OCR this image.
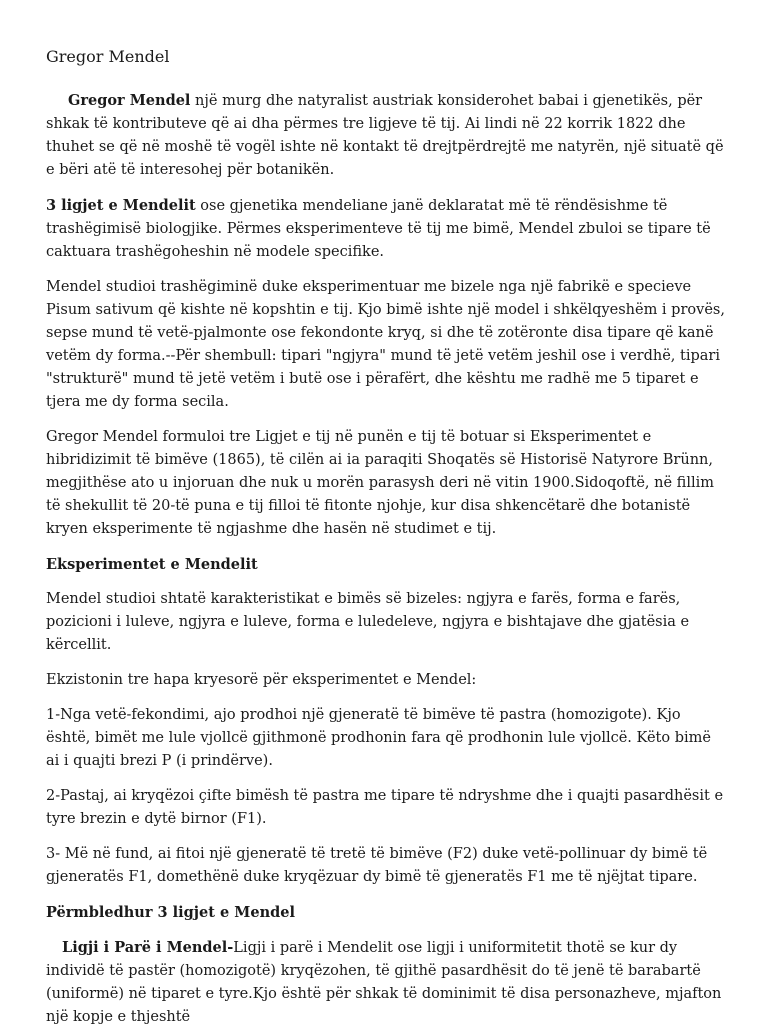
Gregor Mendel

Gregor Mendel një murg dhe natyralist austriak konsiderohet babai i gjenetikës, për shkak të kontributeve që ai dha përmes tre ligjeve të tij. Ai lindi në 22 korrik 1822 dhe thuhet se që në moshë të vogël ishte në kontakt të drejtpërdrejtë me natyrën, një situatë që e bëri atë të interesohej për botanikën.

3 ligjet e Mendelit ose gjenetika mendeliane janë deklaratat më të rëndësishme të trashëgimisë biologjike. Përmes eksperimenteve të tij me bimë, Mendel zbuloi se tipare të caktuara trashëgoheshin në modele specifike.

Mendel studioi trashëgiminë duke eksperimentuar me bizele nga një fabrikë e specieve Pisum sativum që kishte në kopshtin e tij. Kjo bimë ishte një model i shkëlqyeshëm i provës, sepse mund të vetë-pjalmonte ose fekondonte kryq, si dhe të zotëronte disa tipare që kanë vetëm dy forma.--Për shembull: tipari "ngjyra" mund të jetë vetëm jeshil ose i verdhë, tipari "strukturë" mund të jetë vetëm i butë ose i përafërt, dhe kështu me radhë me 5 tiparet e tjera me dy forma secila.

Gregor Mendel formuloi tre Ligjet e tij në punën e tij të botuar si Eksperimentet e hibridizimit të bimëve (1865), të cilën ai ia paraqiti Shoqatës së Historisë Natyrore Brünn, megjithëse ato u injoruan dhe nuk u morën parasysh deri në vitin 1900.Sidoqoftë, në fillim të shekullit të 20-të puna e tij filloi të fitonte njohje, kur disa shkencëtarë dhe botanistë kryen eksperimente të ngjashme dhe hasën në studimet e tij.

Eksperimentet e Mendelit

Mendel studioi shtatë karakteristikat e bimës së bizeles: ngjyra e farës, forma e farës, pozicioni i luleve, ngjyra e luleve, forma e luledeleve, ngjyra e bishtajave dhe gjatësia e kërcellit.

Ekzistonin tre hapa kryesorë për eksperimentet e Mendel:

1-Nga vetë-fekondimi, ajo prodhoi një gjeneratë të bimëve të pastra (homozigote). Kjo është, bimët me lule vjollcë gjithmonë prodhonin fara që prodhonin lule vjollcë. Këto bimë ai i quajti brezi P (i prindërve).

2-Pastaj, ai kryqëzoi çifte bimësh të pastra me tipare të ndryshme dhe i quajti pasardhësit e tyre brezin e dytë birnor (F1).

3- Më në fund, ai fitoi një gjeneratë të tretë të bimëve (F2) duke vetë-pollinuar dy bimë të gjeneratës F1, domethënë duke kryqëzuar dy bimë të gjeneratës F1 me të njëjtat tipare.

Përmbledhur 3 ligjet e Mendel

Ligji i Parë i Mendel-Ligji i parë i Mendelit ose ligji i uniformitetit thotë se kur dy individë të pastër (homozigotë) kryqëzohen, të gjithë pasardhësit do të jenë të barabartë (uniformë) në tiparet e tyre.Kjo është për shkak të dominimit të disa personazheve, mjafton një kopje e thjeshtë
